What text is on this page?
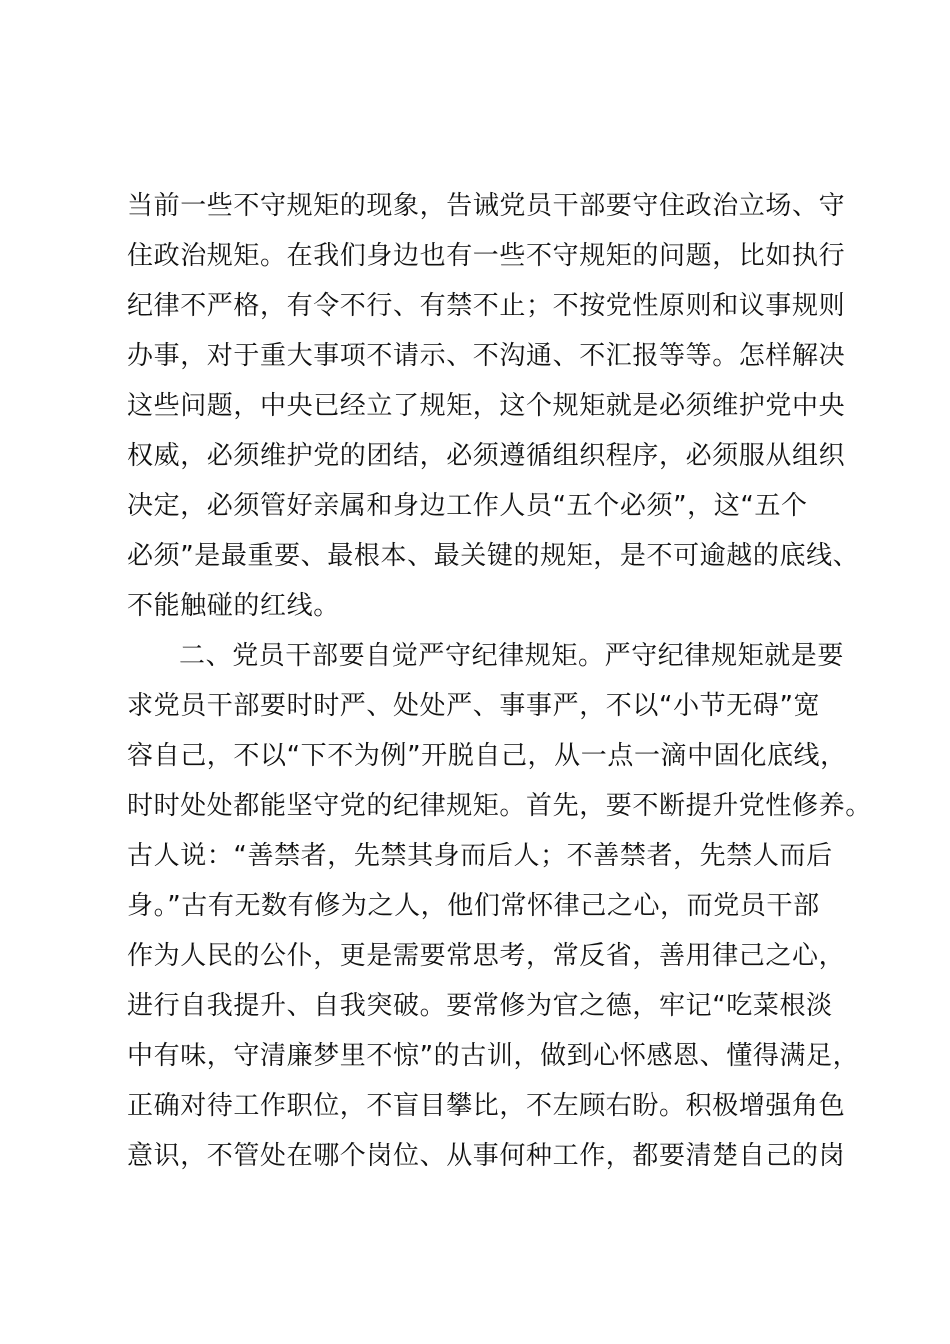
当前一些不守规矩的现象，告诫党员干部要守住政治立场、守
住政治规矩。在我们身边也有一些不守规矩的问题，比如执行
纪律不严格，有令不行、有禁不止；不按党性原则和议事规则
办事，对于重大事项不请示、不沟通、不汇报等等。怎样解决
这些问题，中央已经立了规矩，这个规矩就是必须维护党中央
权威，必须维护党的团结，必须遵循组织程序，必须服从组织
决定，必须管好亲属和身边工作人员“五个必须”，这“五个
必须”是最重要、最根本、最关键的规矩，是不可逾越的底线、
不能触碰的红线。
二、党员干部要自觉严守纪律规矩。严守纪律规矩就是要
求党员干部要时时严、处处严、事事严，不以“小节无碍”宽
容自己，不以“下不为例”开脱自己，从一点一滴中固化底线，
时时处处都能坚守党的纪律规矩。首先，要不断提升党性修养。
古人说：“善禁者，先禁其身而后人；不善禁者，先禁人而后
身。”古有无数有修为之人，他们常怀律己之心，而党员干部
作为人民的公仆，更是需要常思考，常反省，善用律己之心，
进行自我提升、自我突破。要常修为官之德，牢记“吃菜根淡
中有味，守清廉梦里不惊”的古训，做到心怀感恩、懂得满足，
正确对待工作职位，不盲目攀比，不左顾右盼。积极增强角色
意识，不管处在哪个岗位、从事何种工作，都要清楚自己的岗
